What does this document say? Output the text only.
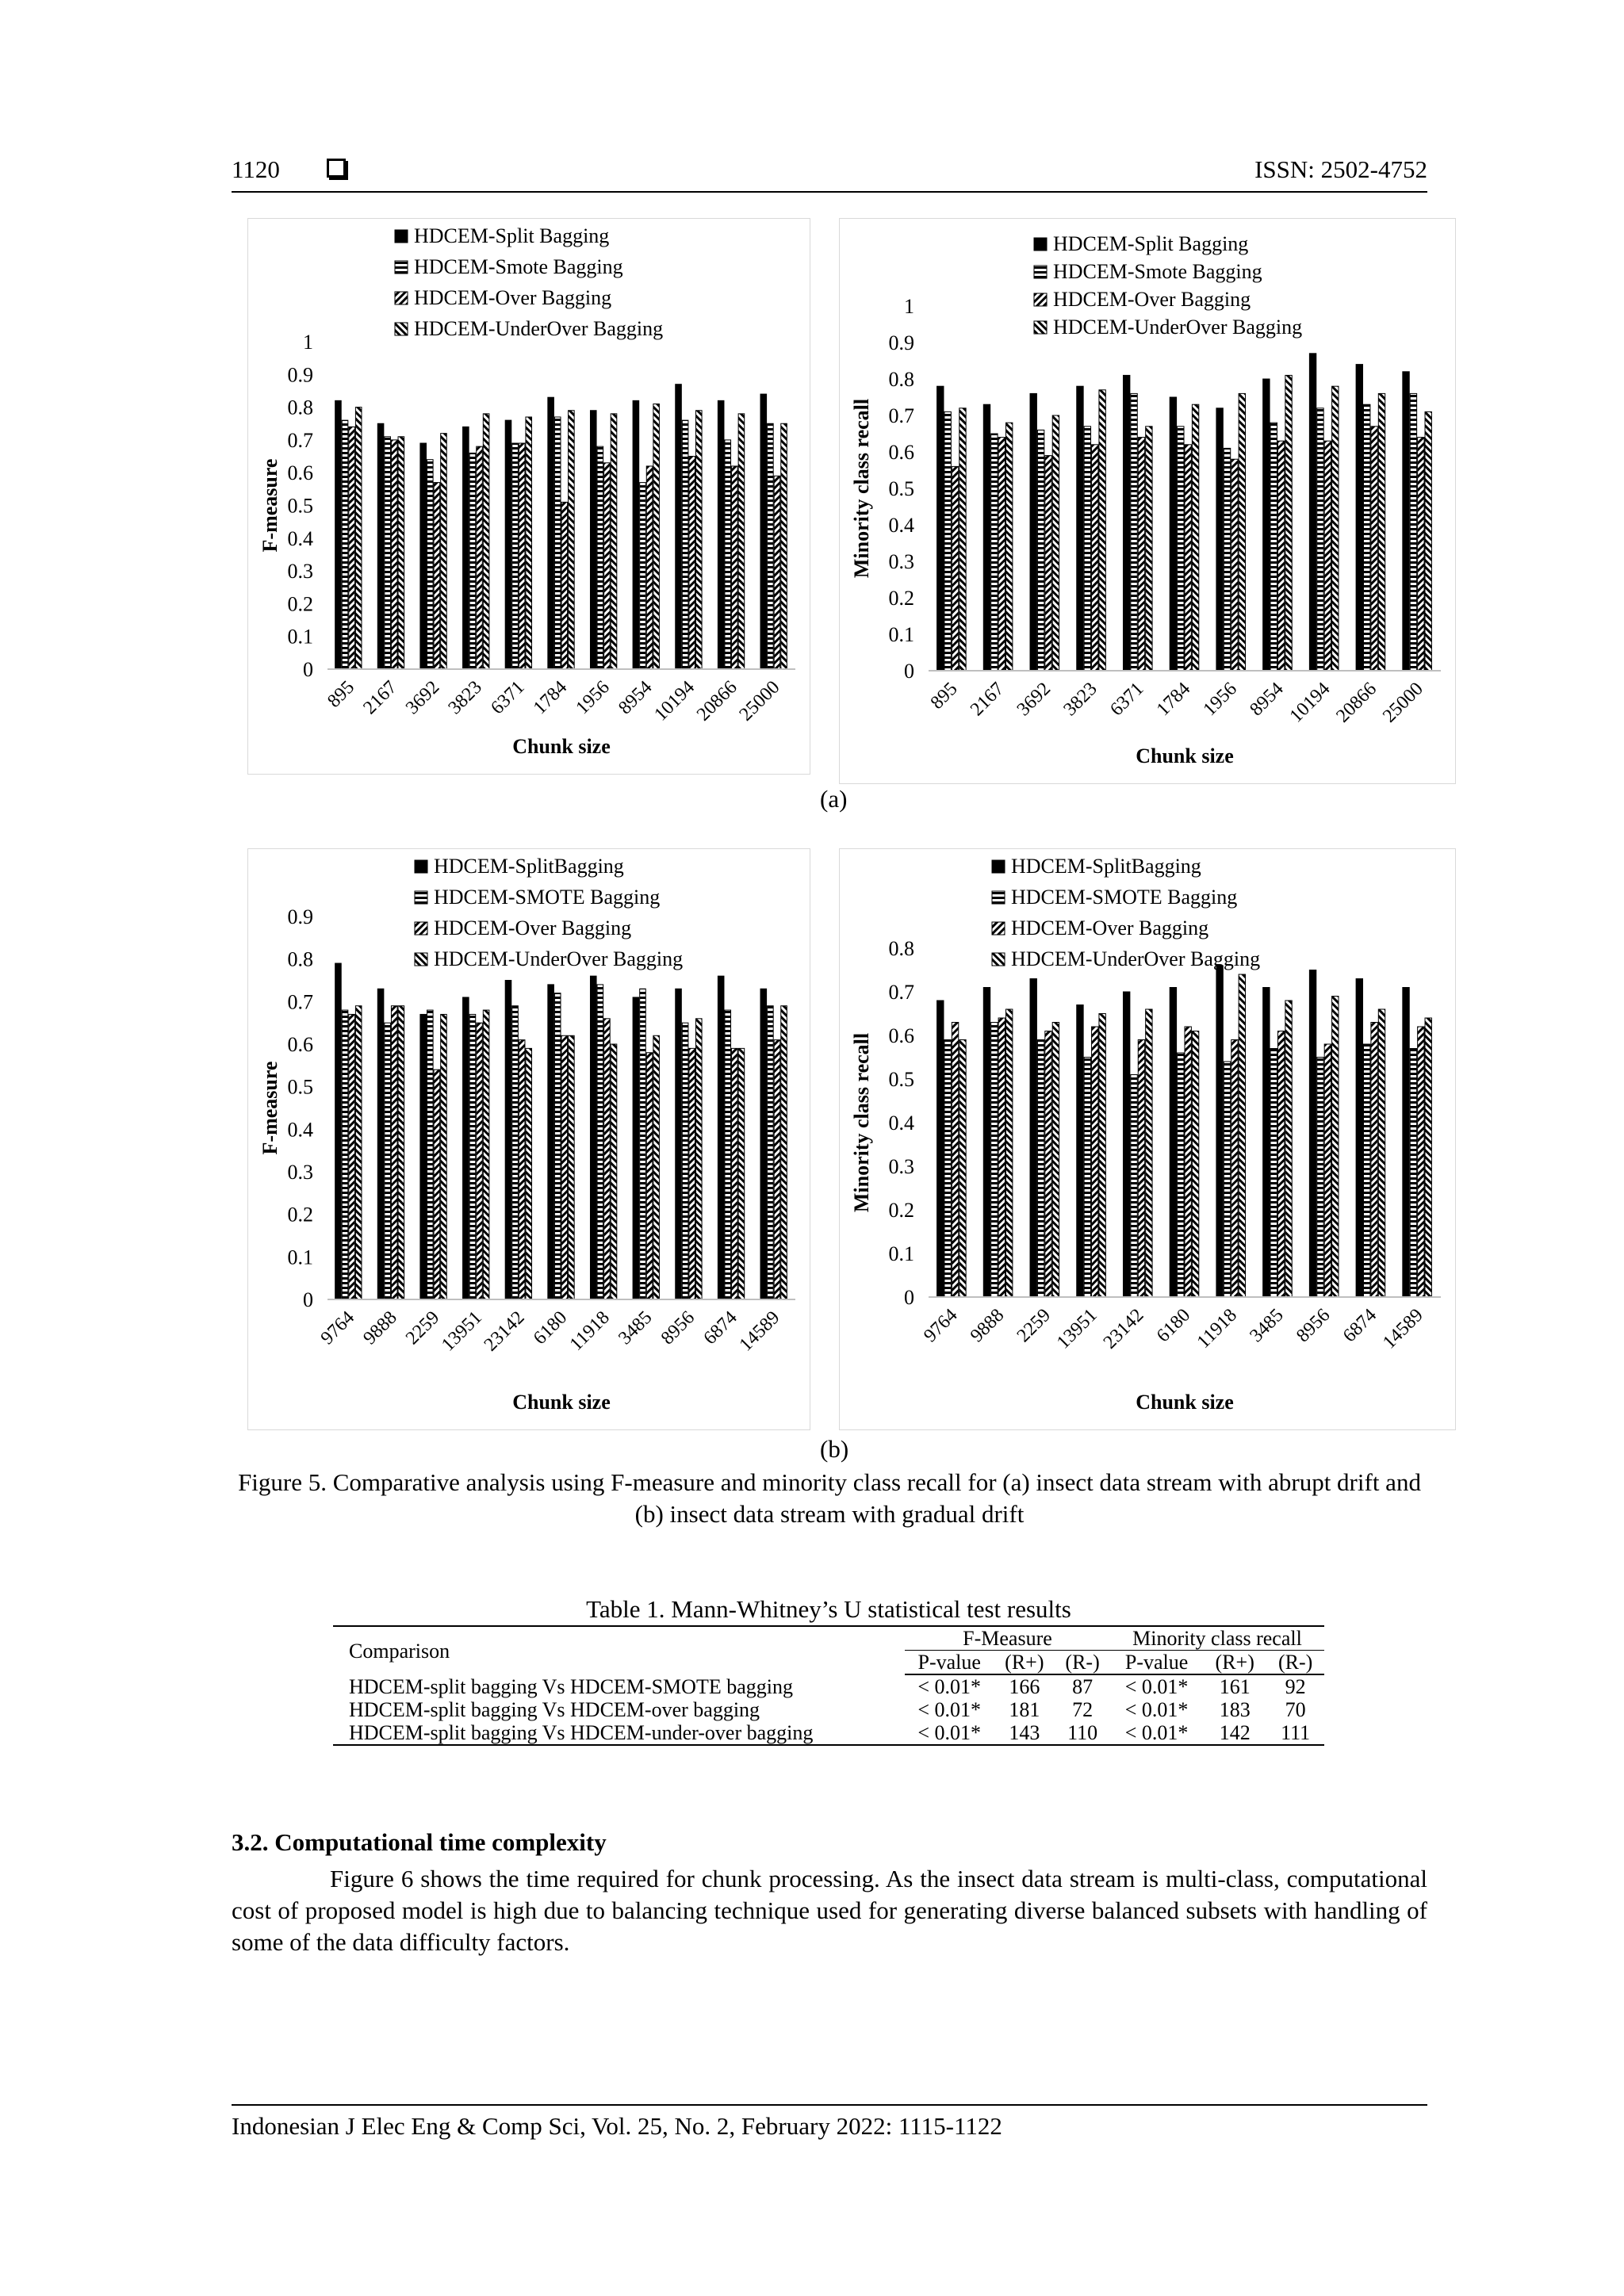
1120	ISSN: 2502-4752
0
0.1
0.2
0.3
0.4
0.5
0.6
0.7
0.8
0.9
1
895 2167 3692 3823 6371 1784 1956 8954
10194
20866
25000
Chunk size
F-measure
HDCEM-Split Bagging
HDCEM-Smote Bagging
HDCEM-Over Bagging
HDCEM-UnderOver Bagging
0
0.1
0.2
0.3
0.4
0.5
0.6
0.7
0.8
0.9
1
895 2167 3692 3823 6371 1784 1956 8954
10194
20866
25000
Chunk size
Minority class recall
HDCEM-Split Bagging
HDCEM-Smote Bagging
HDCEM-Over Bagging
HDCEM-UnderOver Bagging
(a)
0
0.1
0.2
0.3
0.4
0.5
0.6
0.7
0.8
0.9
9764 9888 2259
13951
23142 6180
11918 3485 8956 6874
14589
Chunk size
F-measure
HDCEM-SplitBagging
HDCEM-SMOTE Bagging
HDCEM-Over Bagging
HDCEM-UnderOver Bagging
0
0.1
0.2
0.3
0.4
0.5
0.6
0.7
0.8
9764 9888 2259
13951
23142 6180
11918 3485 8956 6874
14589
Chunk size
Minority class recall
HDCEM-SplitBagging
HDCEM-SMOTE Bagging
HDCEM-Over Bagging
HDCEM-UnderOver Bagging
(b)
Figure 5. Comparative analysis using F-measure and minority class recall for (a) insect data stream with abrupt drift and (b) insect data stream with gradual drift
Table 1. Mann-Whitney’s U statistical test results
Comparison	F-Measure			Minority class recall		
	P-value	(R+)	(R-)	P-value	(R+)	(R-)
HDCEM-split bagging Vs HDCEM-SMOTE bagging	< 0.01*	166	87	< 0.01*	161	92
HDCEM-split bagging Vs HDCEM-over bagging	< 0.01*	181	72	< 0.01*	183	70
HDCEM-split bagging Vs HDCEM-under-over bagging	< 0.01*	143	110	< 0.01*	142	111
3.2. Computational time complexity
Figure 6 shows the time required for chunk processing. As the insect data stream is multi-class, computational cost of proposed model is high due to balancing technique used for generating diverse balanced subsets with handling of some of the data difficulty factors.
Indonesian J Elec Eng & Comp Sci, Vol. 25, No. 2, February 2022: 1115-1122
